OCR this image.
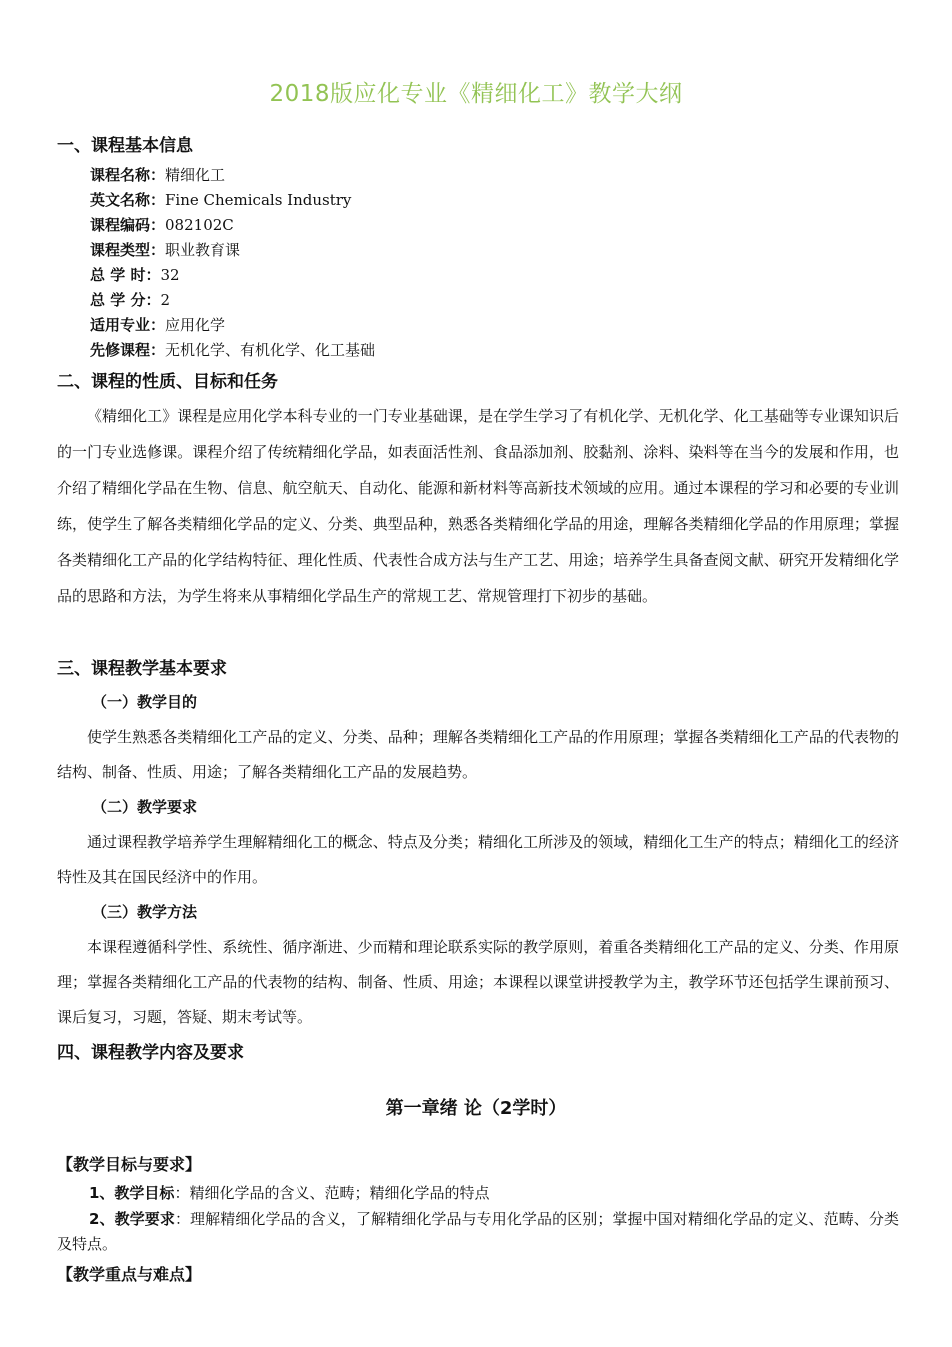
2018版应化专业《精细化工》教学大纲
一、课程基本信息
课程名称：精细化工
英文名称：Fine Chemicals Industry
课程编码：082102C
课程类型：职业教育课
总 学 时：32
总 学 分：2
适用专业：应用化学
先修课程：无机化学、有机化学、化工基础
二、课程的性质、目标和任务
《精细化工》课程是应用化学本科专业的一门专业基础课，是在学生学习了有机化学、无机化学、化工基础等专业课知识后的一门专业选修课。课程介绍了传统精细化学品，如表面活性剂、食品添加剂、胶黏剂、涂料、染料等在当今的发展和作用，也介绍了精细化学品在生物、信息、航空航天、自动化、能源和新材料等高新技术领域的应用。通过本课程的学习和必要的专业训练，使学生了解各类精细化学品的定义、分类、典型品种，熟悉各类精细化学品的用途，理解各类精细化学品的作用原理；掌握各类精细化工产品的化学结构特征、理化性质、代表性合成方法与生产工艺、用途；培养学生具备查阅文献、研究开发精细化学品的思路和方法，为学生将来从事精细化学品生产的常规工艺、常规管理打下初步的基础。
三、课程教学基本要求
（一）教学目的
使学生熟悉各类精细化工产品的定义、分类、品种；理解各类精细化工产品的作用原理；掌握各类精细化工产品的代表物的结构、制备、性质、用途；了解各类精细化工产品的发展趋势。
（二）教学要求
通过课程教学培养学生理解精细化工的概念、特点及分类；精细化工所涉及的领域，精细化工生产的特点；精细化工的经济特性及其在国民经济中的作用。
（三）教学方法
本课程遵循科学性、系统性、循序渐进、少而精和理论联系实际的教学原则，着重各类精细化工产品的定义、分类、作用原理；掌握各类精细化工产品的代表物的结构、制备、性质、用途；本课程以课堂讲授教学为主，教学环节还包括学生课前预习、课后复习，习题，答疑、期末考试等。
四、课程教学内容及要求
第一章绪 论（2学时）
【教学目标与要求】
1、教学目标：精细化学品的含义、范畴；精细化学品的特点
2、教学要求：理解精细化学品的含义，了解精细化学品与专用化学品的区别；掌握中国对精细化学品的定义、范畴、分类及特点。
【教学重点与难点】
